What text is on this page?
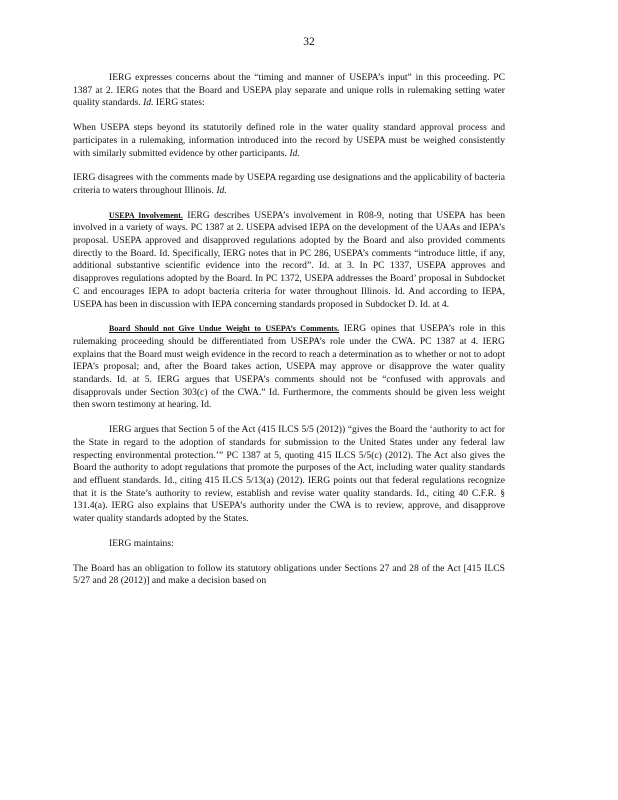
32

IERG expresses concerns about the “timing and manner of USEPA’s input” in this proceeding. PC 1387 at 2. IERG notes that the Board and USEPA play separate and unique rolls in rulemaking setting water quality standards. Id. IERG states:

When USEPA steps beyond its statutorily defined role in the water quality standard approval process and participates in a rulemaking, information introduced into the record by USEPA must be weighed consistently with similarly submitted evidence by other participants. Id.

IERG disagrees with the comments made by USEPA regarding use designations and the applicability of bacteria criteria to waters throughout Illinois. Id.

USEPA Involvement. IERG describes USEPA’s involvement in R08-9, noting that USEPA has been involved in a variety of ways. PC 1387 at 2. USEPA advised IEPA on the development of the UAAs and IEPA’s proposal. USEPA approved and disapproved regulations adopted by the Board and also provided comments directly to the Board. Id. Specifically, IERG notes that in PC 286, USEPA’s comments “introduce little, if any, additional substantive scientific evidence into the record”. Id. at 3. In PC 1337, USEPA approves and disapproves regulations adopted by the Board. In PC 1372, USEPA addresses the Board’ proposal in Subdocket C and encourages IEPA to adopt bacteria criteria for water throughout Illinois. Id. And according to IEPA, USEPA has been in discussion with IEPA concerning standards proposed in Subdocket D. Id. at 4.

Board Should not Give Undue Weight to USEPA’s Comments. IERG opines that USEPA’s role in this rulemaking proceeding should be differentiated from USEPA’s role under the CWA. PC 1387 at 4. IERG explains that the Board must weigh evidence in the record to reach a determination as to whether or not to adopt IEPA’s proposal; and, after the Board takes action, USEPA may approve or disapprove the water quality standards. Id. at 5. IERG argues that USEPA’s comments should not be “confused with approvals and disapprovals under Section 303(c) of the CWA.” Id. Furthermore, the comments should be given less weight then sworn testimony at hearing. Id.

IERG argues that Section 5 of the Act (415 ILCS 5/5 (2012)) “gives the Board the ‘authority to act for the State in regard to the adoption of standards for submission to the United States under any federal law respecting environmental protection.’” PC 1387 at 5, quoting 415 ILCS 5/5(c) (2012). The Act also gives the Board the authority to adopt regulations that promote the purposes of the Act, including water quality standards and effluent standards. Id., citing 415 ILCS 5/13(a) (2012). IERG points out that federal regulations recognize that it is the State’s authority to review, establish and revise water quality standards. Id., citing 40 C.F.R. § 131.4(a). IERG also explains that USEPA’s authority under the CWA is to review, approve, and disapprove water quality standards adopted by the States.

IERG maintains:

The Board has an obligation to follow its statutory obligations under Sections 27 and 28 of the Act [415 ILCS 5/27 and 28 (2012)] and make a decision based on
